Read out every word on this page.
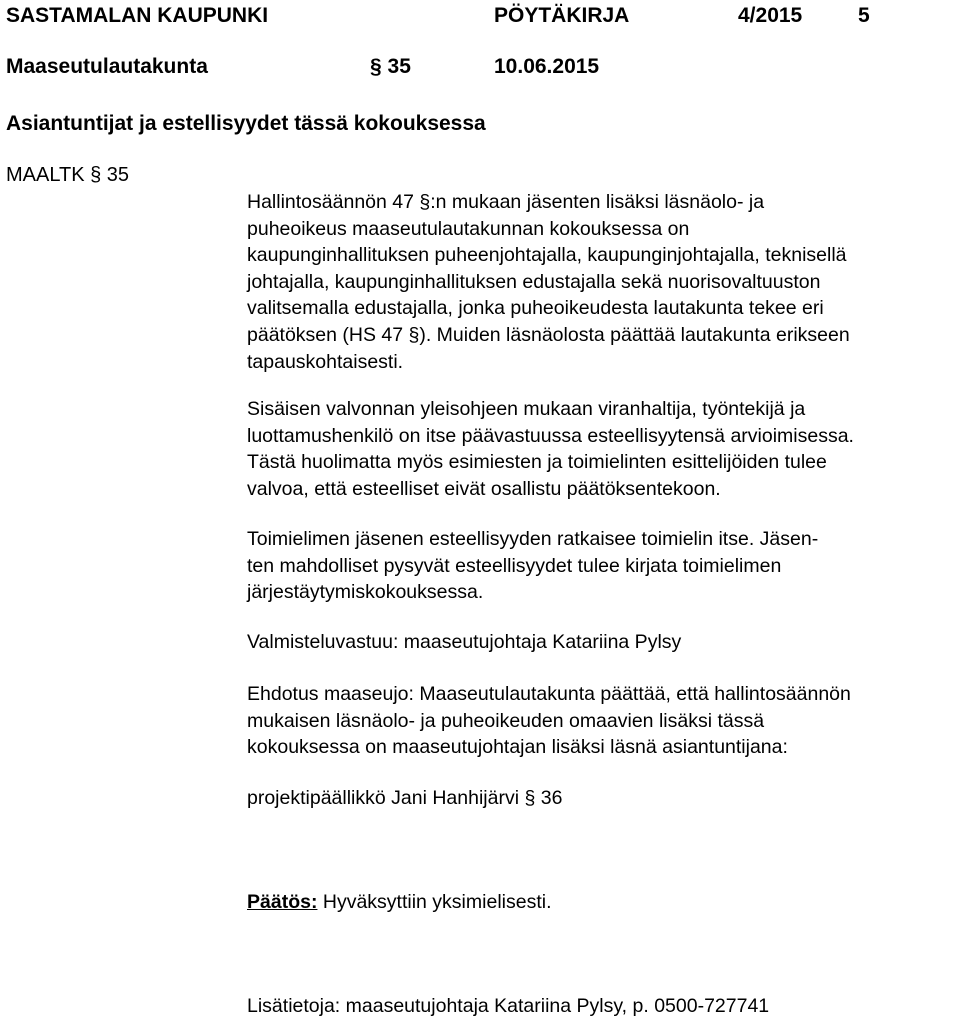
SASTAMALAN KAUPUNKI	PÖYTÄKIRJA	4/2015	5
Maaseutulautakunta	§ 35	10.06.2015
Asiantuntijat ja estellisyydet tässä kokouksessa
MAALTK § 35
Hallintosäännön 47 §:n mukaan jäsenten lisäksi läsnäolo- ja
puheoikeus maaseutulautakunnan kokouksessa on
kaupunginhallituksen puheenjohtajalla, kaupunginjohtajalla, teknisellä
johtajalla, kaupunginhallituksen edustajalla sekä nuorisovaltuuston
valitsemalla edustajalla, jonka puheoikeudesta lautakunta tekee eri
päätöksen (HS 47 §). Muiden läsnäolosta päättää lautakunta erikseen
tapauskohtaisesti.
Sisäisen valvonnan yleisohjeen mukaan viranhaltija, työntekijä ja
luottamushenkilö on itse päävastuussa esteellisyytensä arvioimisessa.
Tästä huolimatta myös esimiesten ja toimielinten esittelijöiden tulee
valvoa, että esteelliset eivät osallistu päätöksentekoon.
Toimielimen jäsenen esteellisyyden ratkaisee toimielin itse. Jäsen-
ten mahdolliset pysyvät esteellisyydet tulee kirjata toimielimen
järjestäytymiskokouksessa.
Valmisteluvastuu: maaseutujohtaja Katariina Pylsy
Ehdotus maaseujo: Maaseutulautakunta päättää, että hallintosäännön
mukaisen läsnäolo- ja puheoikeuden omaavien lisäksi tässä
kokouksessa on maaseutujohtajan lisäksi läsnä asiantuntijana:
projektipäällikkö Jani Hanhijärvi § 36
Päätös: Hyväksyttiin yksimielisesti.
Lisätietoja: maaseutujohtaja Katariina Pylsy, p. 0500-727741
